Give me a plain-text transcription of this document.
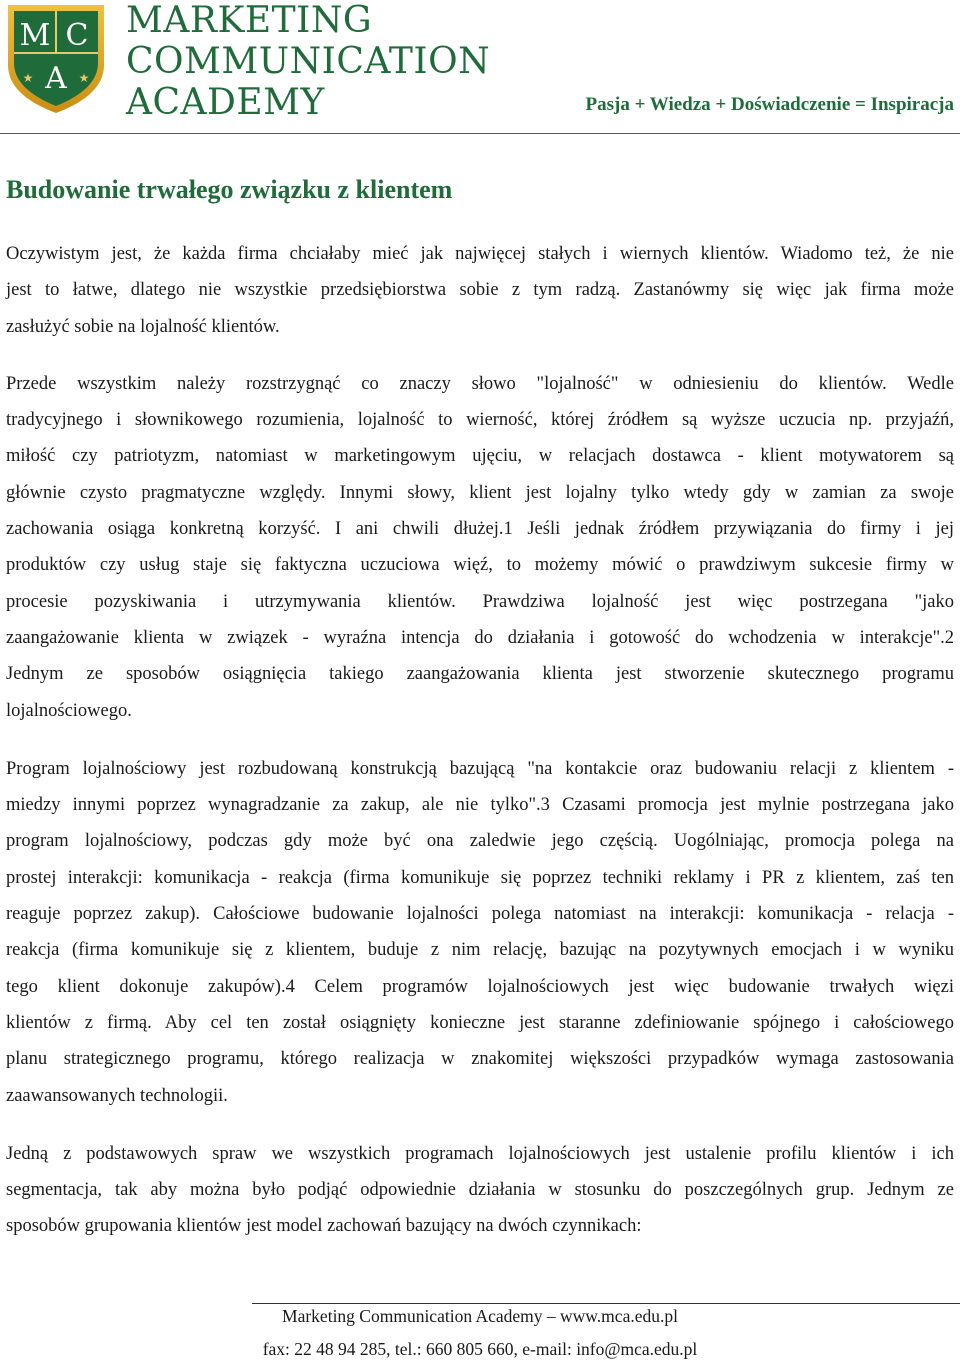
M C
A
★	★
MARKETING
COMMUNICATION
ACADEMY	Pasja + Wiedza + Doświadczenie = Inspiracja
Budowanie trwałego związku z klientem

Oczywistym jest, że każda firma chciałaby mieć jak najwięcej stałych i wiernych klientów. Wiadomo też, że nie
jest to łatwe, dlatego nie wszystkie przedsiębiorstwa sobie z tym radzą. Zastanówmy się więc jak firma może
zasłużyć sobie na lojalność klientów.

Przede wszystkim należy rozstrzygnąć co znaczy słowo "lojalność" w odniesieniu do klientów. Wedle
tradycyjnego i słownikowego rozumienia, lojalność to wierność, której źródłem są wyższe uczucia np. przyjaźń,
miłość czy patriotyzm, natomiast w marketingowym ujęciu, w relacjach dostawca - klient motywatorem są
głównie czysto pragmatyczne względy. Innymi słowy, klient jest lojalny tylko wtedy gdy w zamian za swoje
zachowania osiąga konkretną korzyść. I ani chwili dłużej.1 Jeśli jednak źródłem przywiązania do firmy i jej
produktów czy usług staje się faktyczna uczuciowa więź, to możemy mówić o prawdziwym sukcesie firmy w
procesie pozyskiwania i utrzymywania klientów. Prawdziwa lojalność jest więc postrzegana "jako
zaangażowanie klienta w związek - wyraźna intencja do działania i gotowość do wchodzenia w interakcje".2
Jednym ze sposobów osiągnięcia takiego zaangażowania klienta jest stworzenie skutecznego programu
lojalnościowego.

Program lojalnościowy jest rozbudowaną konstrukcją bazującą "na kontakcie oraz budowaniu relacji z klientem -
miedzy innymi poprzez wynagradzanie za zakup, ale nie tylko".3 Czasami promocja jest mylnie postrzegana jako
program lojalnościowy, podczas gdy może być ona zaledwie jego częścią. Uogólniając, promocja polega na
prostej interakcji: komunikacja - reakcja (firma komunikuje się poprzez techniki reklamy i PR z klientem, zaś ten
reaguje poprzez zakup). Całościowe budowanie lojalności polega natomiast na interakcji: komunikacja - relacja -
reakcja (firma komunikuje się z klientem, buduje z nim relację, bazując na pozytywnych emocjach i w wyniku
tego klient dokonuje zakupów).4 Celem programów lojalnościowych jest więc budowanie trwałych więzi
klientów z firmą. Aby cel ten został osiągnięty konieczne jest staranne zdefiniowanie spójnego i całościowego
planu strategicznego programu, którego realizacja w znakomitej większości przypadków wymaga zastosowania
zaawansowanych technologii.

Jedną z podstawowych spraw we wszystkich programach lojalnościowych jest ustalenie profilu klientów i ich
segmentacja, tak aby można było podjąć odpowiednie działania w stosunku do poszczególnych grup. Jednym ze
sposobów grupowania klientów jest model zachowań bazujący na dwóch czynnikach:

Marketing Communication Academy – www.mca.edu.pl
fax: 22 48 94 285, tel.: 660 805 660, e-mail: info@mca.edu.pl
